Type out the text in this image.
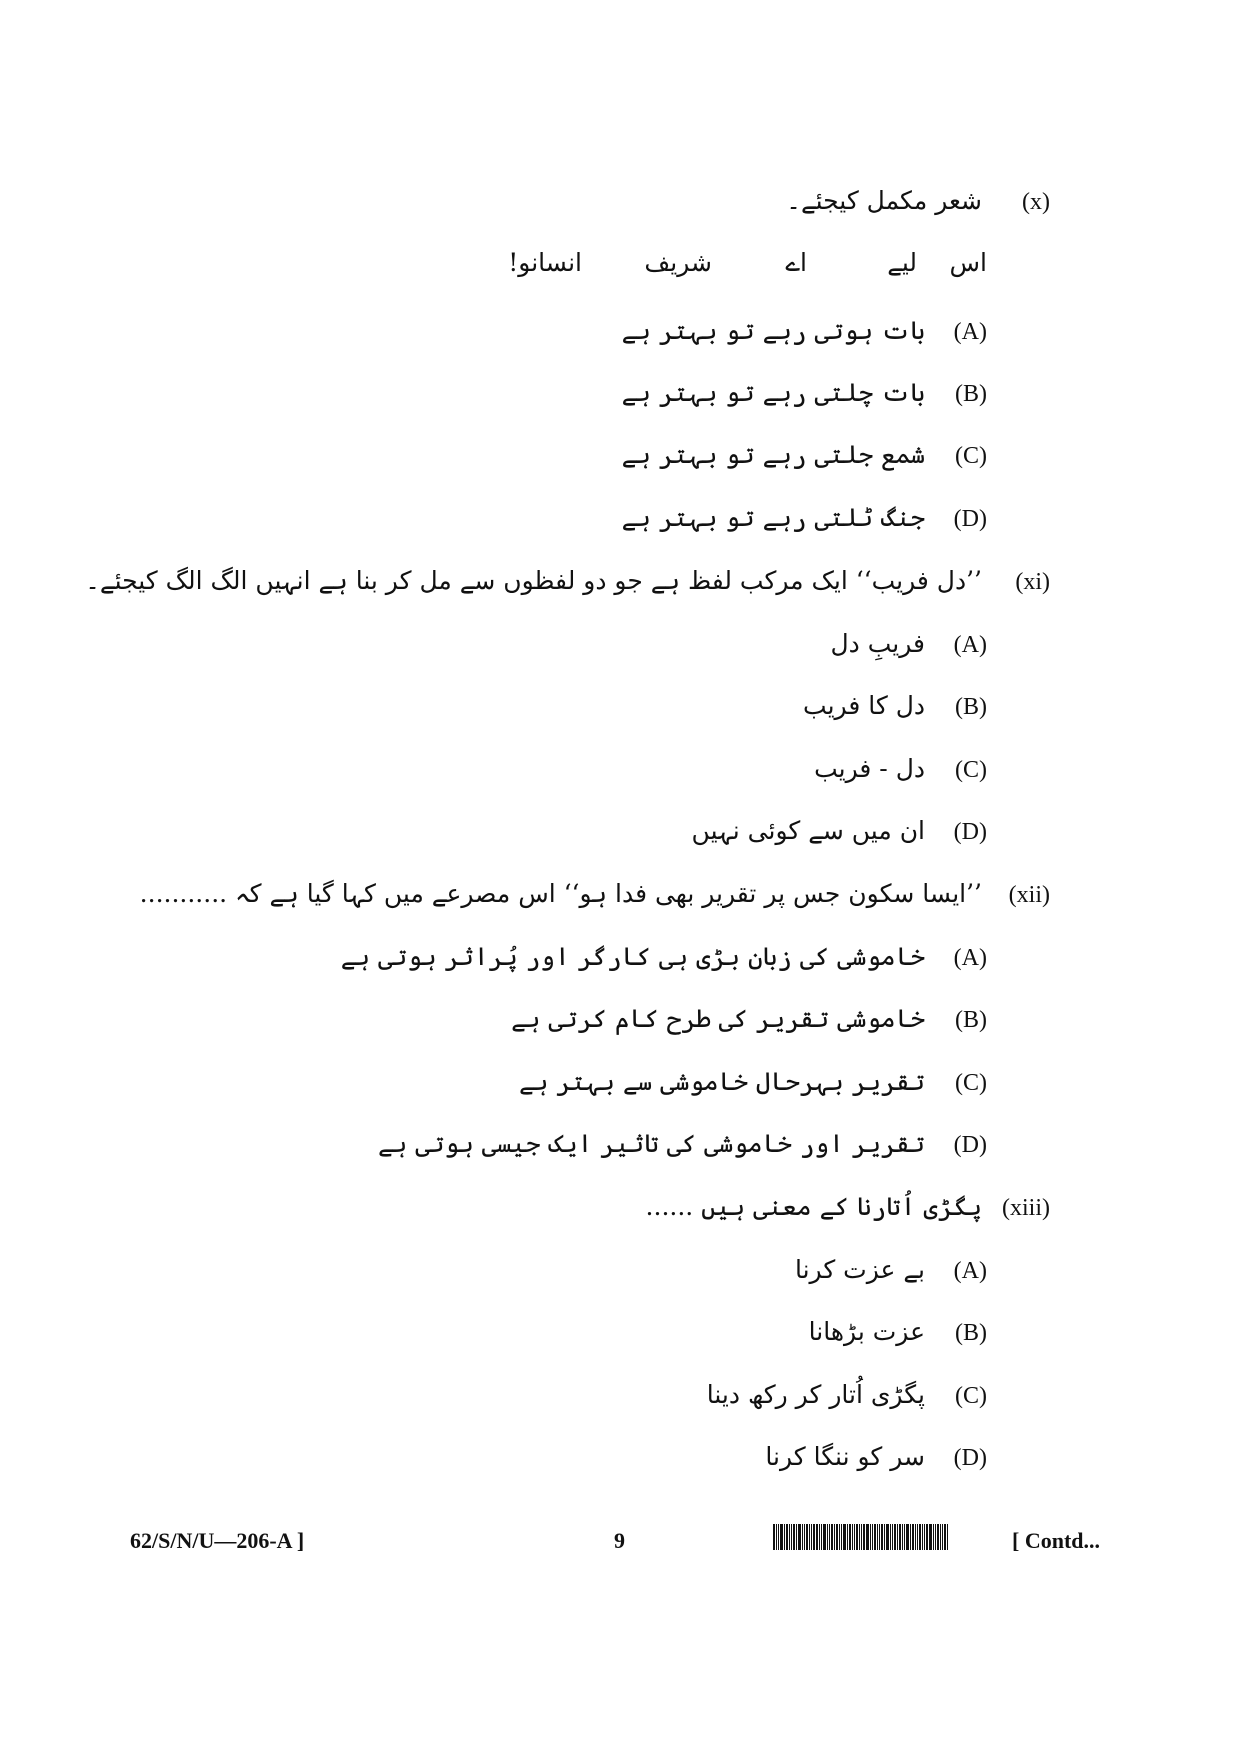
(x)
شعر مکمل کیجئے۔
اس
لیے
اے
شریف
انسانو!
(A)
بات ہوتی رہے تو بہتر ہے
(B)
بات چلتی رہے تو بہتر ہے
(C)
شمع جلتی رہے تو بہتر ہے
(D)
جنگ ٹلتی رہے تو بہتر ہے
(xi)
’’دل فریب‘‘ ایک مرکب لفظ ہے جو دو لفظوں سے مل کر بنا ہے انہیں الگ الگ کیجئے۔
(A)
فریبِ دل
(B)
دل کا فریب
(C)
دل - فریب
(D)
ان میں سے کوئی نہیں
(xii)
’’ایسا سکون جس پر تقریر بھی فدا ہو‘‘ اس مصرعے میں کہا گیا ہے کہ ...........
(A)
خاموشی کی زبان بڑی ہی کارگر اور پُراثر ہوتی ہے
(B)
خاموشی تقریر کی طرح کام کرتی ہے
(C)
تقریر بہرحال خاموشی سے بہتر ہے
(D)
تقریر اور خاموشی کی تاثیر ایک جیسی ہوتی ہے
(xiii)
پگڑی اُتارنا کے معنی ہیں ......
(A)
بے عزت کرنا
(B)
عزت بڑھانا
(C)
پگڑی اُتار کر رکھ دینا
(D)
سر کو ننگا کرنا
62/S/N/U—206-A ]	9	[ Contd...
